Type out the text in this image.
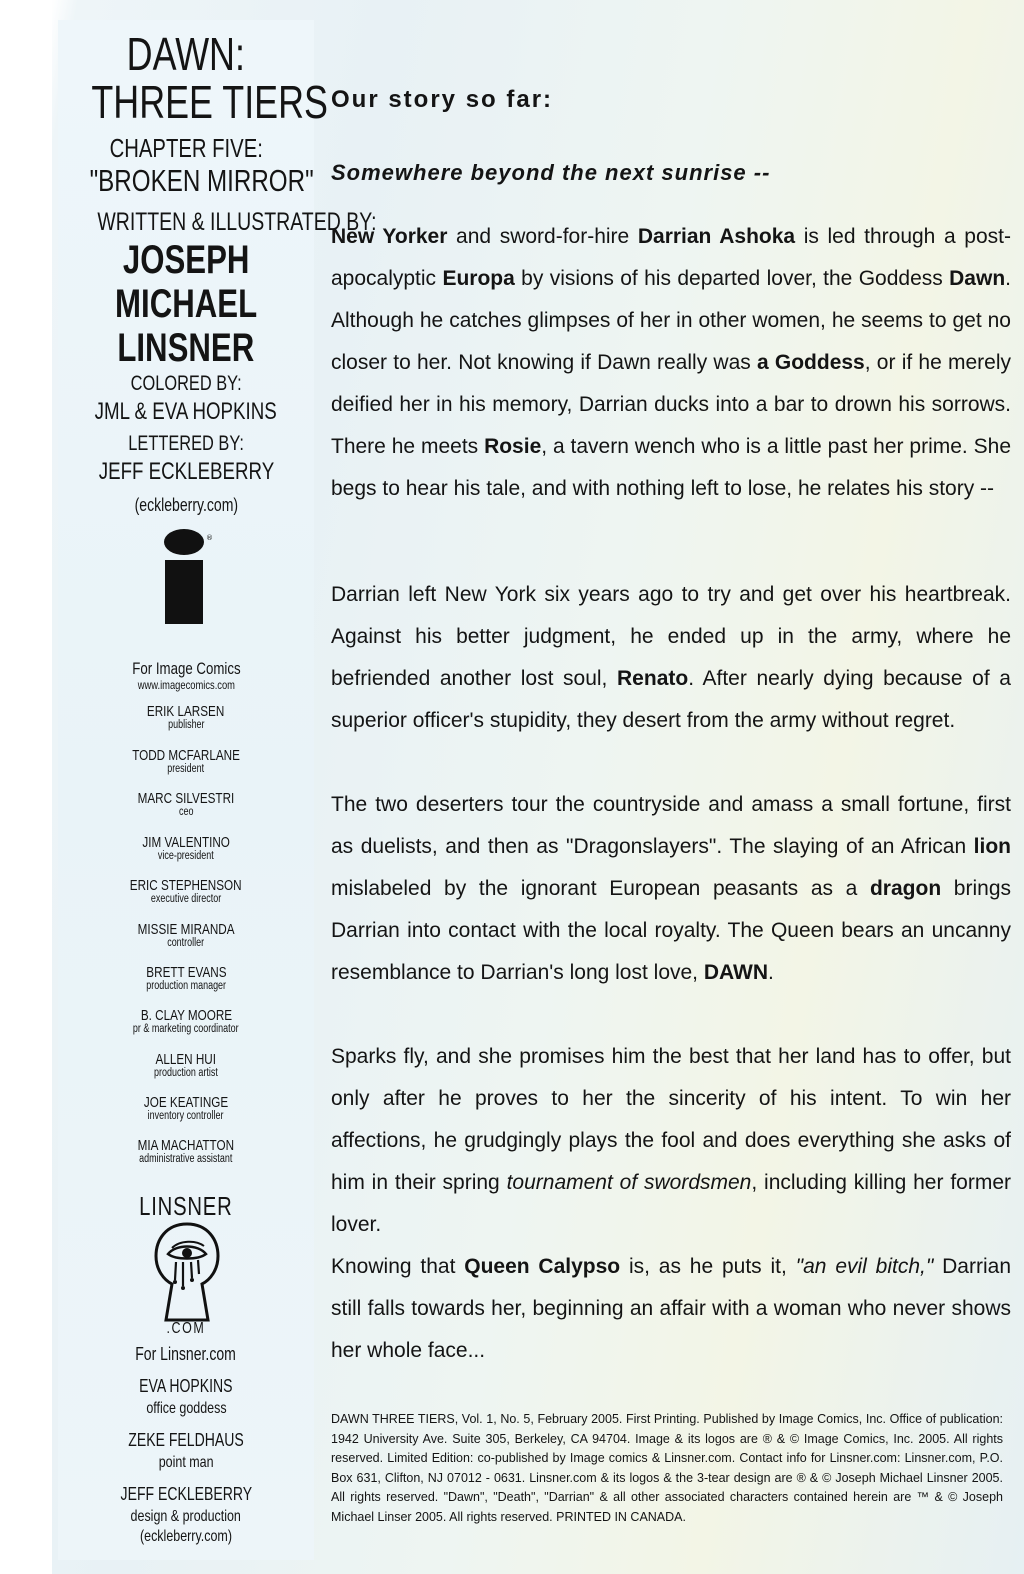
DAWN:
THREE TIERS
CHAPTER FIVE:
"BROKEN MIRROR"
WRITTEN & ILLUSTRATED BY:
JOSEPH
MICHAEL
LINSNER
COLORED BY:
JML & EVA HOPKINS
LETTERED BY:
JEFF ECKLEBERRY
(eckleberry.com)
®
For Image Comics
www.imagecomics.com
ERIK LARSEN
publisher
TODD MCFARLANE
president
MARC SILVESTRI
ceo
JIM VALENTINO
vice-president
ERIC STEPHENSON
executive director
MISSIE MIRANDA
controller
BRETT EVANS
production manager
B. CLAY MOORE
pr & marketing coordinator
ALLEN HUI
production artist
JOE KEATINGE
inventory controller
MIA MACHATTON
administrative assistant
LINSNER
.COM
For Linsner.com
EVA HOPKINS
office goddess
ZEKE FELDHAUS
point man
JEFF ECKLEBERRY
design & production
(eckleberry.com)
Our story so far:
Somewhere beyond the next sunrise --

New Yorker and sword-for-hire Darrian Ashoka is led through a post-apocalyptic Europa by visions of his departed lover, the Goddess Dawn. Although he catches glimpses of her in other women, he seems to get no closer to her. Not knowing if Dawn really was a Goddess, or if he merely deified her in his memory, Darrian ducks into a bar to drown his sorrows. There he meets Rosie, a tavern wench who is a little past her prime. She begs to hear his tale, and with nothing left to lose, he relates his story --

Darrian left New York six years ago to try and get over his heartbreak. Against his better judgment, he ended up in the army, where he befriended another lost soul, Renato. After nearly dying because of a superior officer's stupidity, they desert from the army without regret.

The two deserters tour the countryside and amass a small fortune, first as duelists, and then as "Dragonslayers". The slaying of an African lion mislabeled by the ignorant European peasants as a dragon brings Darrian into contact with the local royalty. The Queen bears an uncanny resemblance to Darrian's long lost love, DAWN.

Sparks fly, and she promises him the best that her land has to offer, but only after he proves to her the sincerity of his intent. To win her affections, he grudgingly plays the fool and does everything she asks of him in their spring tournament of swordsmen, including killing her former lover.

Knowing that Queen Calypso is, as he puts it, "an evil bitch," Darrian still falls towards her, beginning an affair with a woman who never shows her whole face...

DAWN THREE TIERS, Vol. 1, No. 5, February 2005. First Printing. Published by Image Comics, Inc. Office of publication: 1942 University Ave. Suite 305, Berkeley, CA 94704. Image & its logos are ® & © Image Comics, Inc. 2005. All rights reserved. Limited Edition: co-published by Image comics & Linsner.com. Contact info for Linsner.com: Linsner.com, P.O. Box 631, Clifton, NJ 07012 - 0631. Linsner.com & its logos & the 3-tear design are ® & © Joseph Michael Linsner 2005. All rights reserved. "Dawn", "Death", "Darrian" & all other associated characters contained herein are ™ & © Joseph Michael Linser 2005. All rights reserved. PRINTED IN CANADA.
